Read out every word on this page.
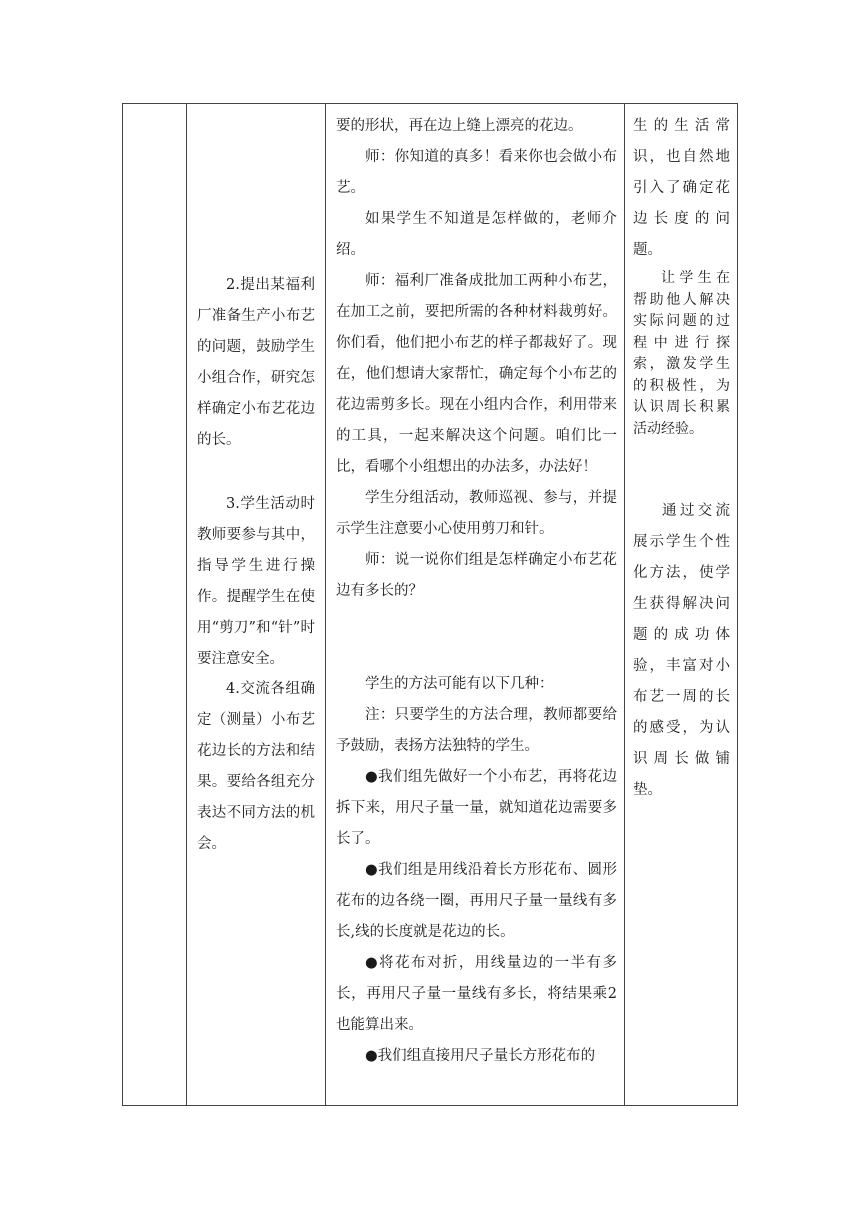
2.提出某福利厂准备生产小布艺的问题，鼓励学生小组合作，研究怎样确定小布艺花边的长。

3.学生活动时教师要参与其中，指导学生进行操作。提醒学生在使用“剪刀”和“针”时要注意安全。

4.交流各组确定（测量）小布艺花边长的方法和结果。要给各组充分表达不同方法的机会。

要的形状，再在边上缝上漂亮的花边。

师：你知道的真多！看来你也会做小布艺。

如果学生不知道是怎样做的，老师介绍。

师：福利厂准备成批加工两种小布艺，在加工之前，要把所需的各种材料裁剪好。你们看，他们把小布艺的样子都裁好了。现在，他们想请大家帮忙，确定每个小布艺的花边需剪多长。现在小组内合作，利用带来的工具，一起来解决这个问题。咱们比一比，看哪个小组想出的办法多，办法好！

学生分组活动，教师巡视、参与，并提示学生注意要小心使用剪刀和针。

师：说一说你们组是怎样确定小布艺花边有多长的？

学生的方法可能有以下几种：

注：只要学生的方法合理，教师都要给予鼓励，表扬方法独特的学生。

●我们组先做好一个小布艺，再将花边拆下来，用尺子量一量，就知道花边需要多长了。

●我们组是用线沿着长方形花布、圆形花布的边各绕一圈，再用尺子量一量线有多长,线的长度就是花边的长。

●将花布对折，用线量边的一半有多长，再用尺子量一量线有多长，将结果乘2也能算出来。

●我们组直接用尺子量长方形花布的

生的生活常识，也自然地引入了确定花边长度的问题。

让学生在帮助他人解决实际问题的过程中进行探索，激发学生的积极性，为认识周长积累活动经验。

通过交流展示学生个性化方法，使学生获得解决问题的成功体验，丰富对小布艺一周的长的感受，为认识周长做铺垫。
